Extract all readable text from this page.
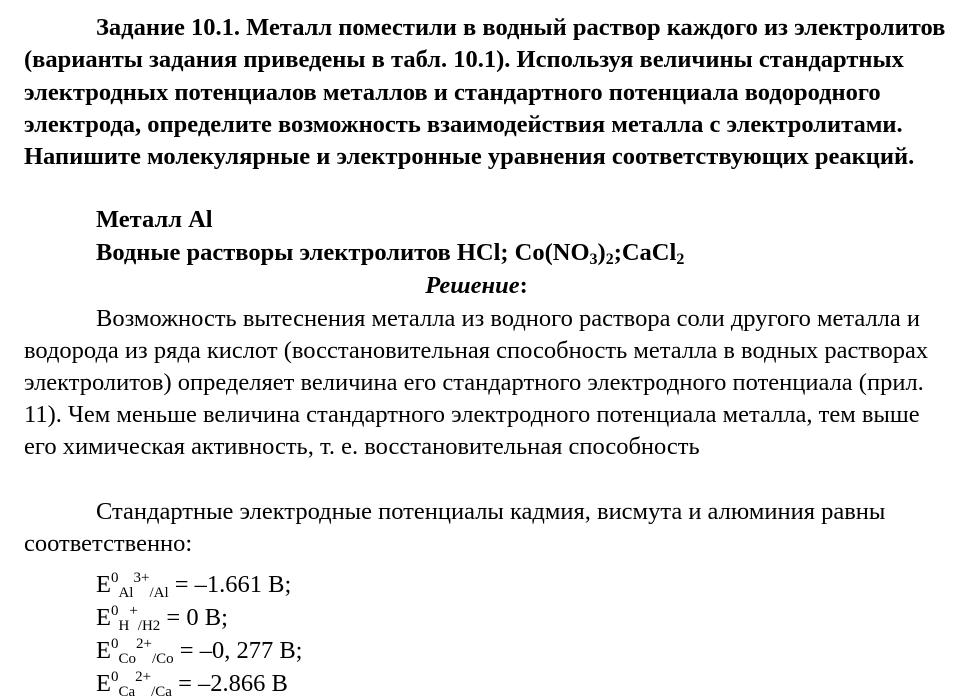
Задание 10.1. Металл поместили в водный раствор каждого из электролитов (варианты задания приведены в табл. 10.1). Используя величины стандартных электродных потенциалов металлов и стандартного потенциала водородного электрода, определите возможность взаимодействия металла с электролитами. Напишите молекулярные и электронные уравнения соответствующих реакций.

Металл Al

Водные растворы электролитов HCl; Co(NO3)2;CaCl2

Решение:

Возможность вытеснения металла из водного раствора соли другого металла и водорода из ряда кислот (восстановительная способность металла в водных растворах электролитов) определяет величина его стандартного электродного потенциала (прил. 11). Чем меньше величина стандартного электродного потенциала металла, тем выше его химическая активность, т. е. восстановительная способность

Стандартные электродные потенциалы кадмия, висмута и алюминия равны соответственно:

$E^0_{Al}^{3+}_{/Al} = -1.661$ В;

$E^0_H^+_{/H2} = 0$ В;

$E^0_{Co}^{2+}_{/Co} = -0$, 277 В;

$E^0_{Ca}^{2+}_{/Ca} = -2.866$ В
